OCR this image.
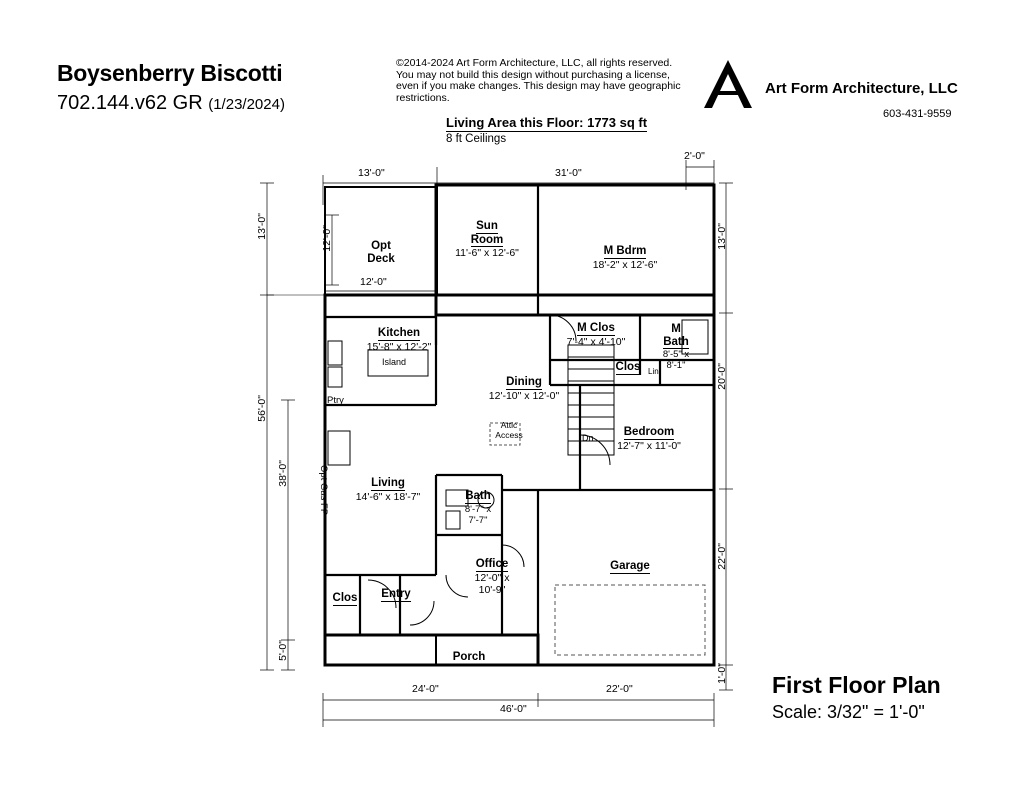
Boysenberry Biscotti
702.144.v62 GR (1/23/2024)
©2014-2024 Art Form Architecture, LLC, all rights reserved. You may not build this design without purchasing a license, even if you make changes. This design may have geographic restrictions.
Art Form Architecture, LLC
603-431-9559
Living Area this Floor: 1773 sq ft
8 ft Ceilings
Opt
Deck
Sun
Room
11'-6" x 12'-6"	M Bdrm
18'-2" x 12'-6"
Kitchen
15'-8" x 12'-2"
Island
Ptry
M Clos
7'-4" x 4'-10"
M
Bath
8'-5" x
8'-1"
Clos Lin
Dining
12'-10" x 12'-0"
Bedroom
12'-7" x 11'-0"
Living
14'-6" x 18'-7"	Bath
8'-7" x
7'-7"
Office
12'-0" x
10'-9"
Garage
Entry
Clos
Porch
Attic
Access	Dn
Opt Gas FP
13'-0"	31'-0"
2'-0"
12'-0"
13'-0"
56'-0"
38'-0"
5'-0"
12'-0"	13'-0"
20'-0"
22'-0"
1'-0"
24'-0"	22'-0"
46'-0"
First Floor Plan
Scale: 3/32" = 1'-0"
